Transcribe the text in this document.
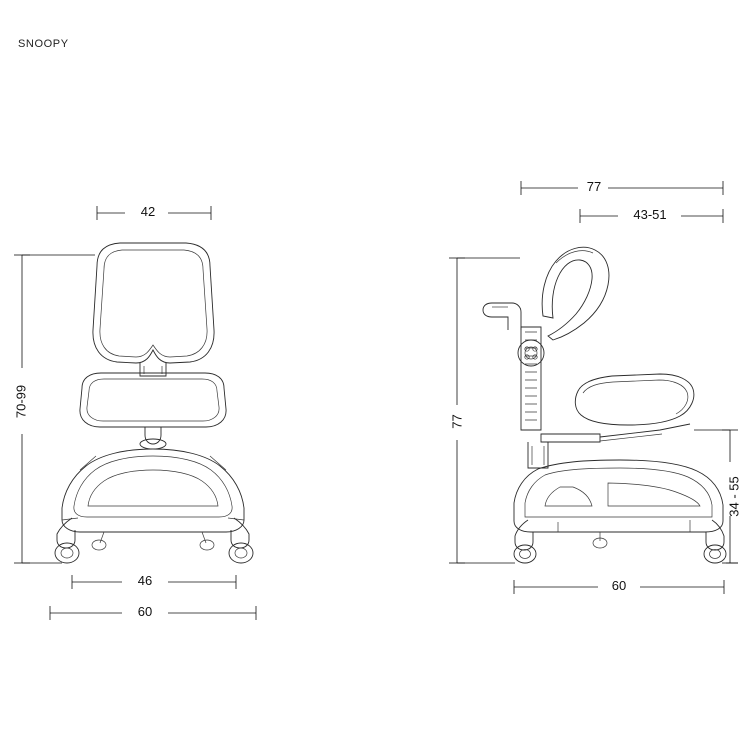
SNOOPY
42
70-99
46
60
77
43-51
77
34 - 55
60
